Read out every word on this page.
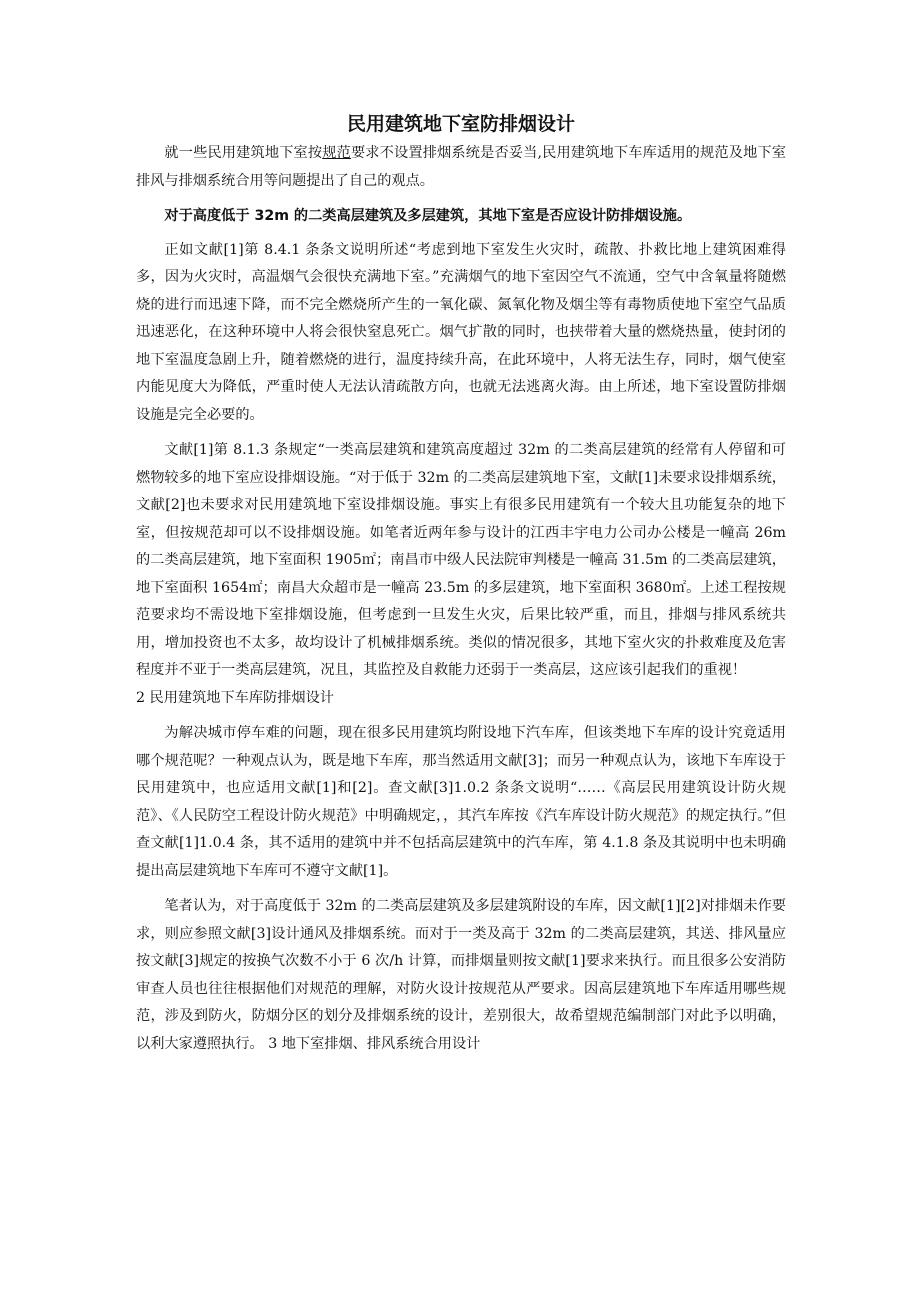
民用建筑地下室防排烟设计

就一些民用建筑地下室按规范要求不设置排烟系统是否妥当,民用建筑地下车库适用的规范及地下室排风与排烟系统合用等问题提出了自己的观点。

对于高度低于 32m 的二类高层建筑及多层建筑，其地下室是否应设计防排烟设施。

正如文献[1]第 8.4.1 条条文说明所述“考虑到地下室发生火灾时，疏散、扑救比地上建筑困难得多，因为火灾时，高温烟气会很快充满地下室。”充满烟气的地下室因空气不流通，空气中含氧量将随燃烧的进行而迅速下降，而不完全燃烧所产生的一氧化碳、氮氧化物及烟尘等有毒物质使地下室空气品质迅速恶化，在这种环境中人将会很快窒息死亡。烟气扩散的同时，也挟带着大量的燃烧热量，使封闭的地下室温度急剧上升，随着燃烧的进行，温度持续升高，在此环境中，人将无法生存，同时，烟气使室内能见度大为降低，严重时使人无法认清疏散方向，也就无法逃离火海。由上所述，地下室设置防排烟设施是完全必要的。

文献[1]第 8.1.3 条规定“一类高层建筑和建筑高度超过 32m 的二类高层建筑的经常有人停留和可燃物较多的地下室应设排烟设施。“对于低于 32m 的二类高层建筑地下室，文献[1]未要求设排烟系统，文献[2]也未要求对民用建筑地下室设排烟设施。事实上有很多民用建筑有一个较大且功能复杂的地下室，但按规范却可以不设排烟设施。如笔者近两年参与设计的江西丰宇电力公司办公楼是一幢高 26m 的二类高层建筑，地下室面积 1905㎡；南昌市中级人民法院审判楼是一幢高 31.5m 的二类高层建筑，地下室面积 1654㎡；南昌大众超市是一幢高 23.5m 的多层建筑，地下室面积 3680㎡。上述工程按规范要求均不需设地下室排烟设施，但考虑到一旦发生火灾，后果比较严重，而且，排烟与排风系统共用，增加投资也不太多，故均设计了机械排烟系统。类似的情况很多，其地下室火灾的扑救难度及危害程度并不亚于一类高层建筑，况且，其监控及自救能力还弱于一类高层，这应该引起我们的重视！

2 民用建筑地下车库防排烟设计

为解决城市停车难的问题，现在很多民用建筑均附设地下汽车库，但该类地下车库的设计究竟适用哪个规范呢？一种观点认为，既是地下车库，那当然适用文献[3]；而另一种观点认为，该地下车库设于民用建筑中，也应适用文献[1]和[2]。查文献[3]1.0.2 条条文说明“……《高层民用建筑设计防火规范》、《人民防空工程设计防火规范》中明确规定，，其汽车库按《汽车库设计防火规范》的规定执行。”但查文献[1]1.0.4 条，其不适用的建筑中并不包括高层建筑中的汽车库，第 4.1.8 条及其说明中也未明确提出高层建筑地下车库可不遵守文献[1]。

笔者认为，对于高度低于 32m 的二类高层建筑及多层建筑附设的车库，因文献[1][2]对排烟未作要求，则应参照文献[3]设计通风及排烟系统。而对于一类及高于 32m 的二类高层建筑，其送、排风量应按文献[3]规定的按换气次数不小于 6 次/h 计算，而排烟量则按文献[1]要求来执行。而且很多公安消防审查人员也往往根据他们对规范的理解，对防火设计按规范从严要求。因高层建筑地下车库适用哪些规范，涉及到防火，防烟分区的划分及排烟系统的设计，差别很大，故希望规范编制部门对此予以明确，以利大家遵照执行。 3 地下室排烟、排风系统合用设计
